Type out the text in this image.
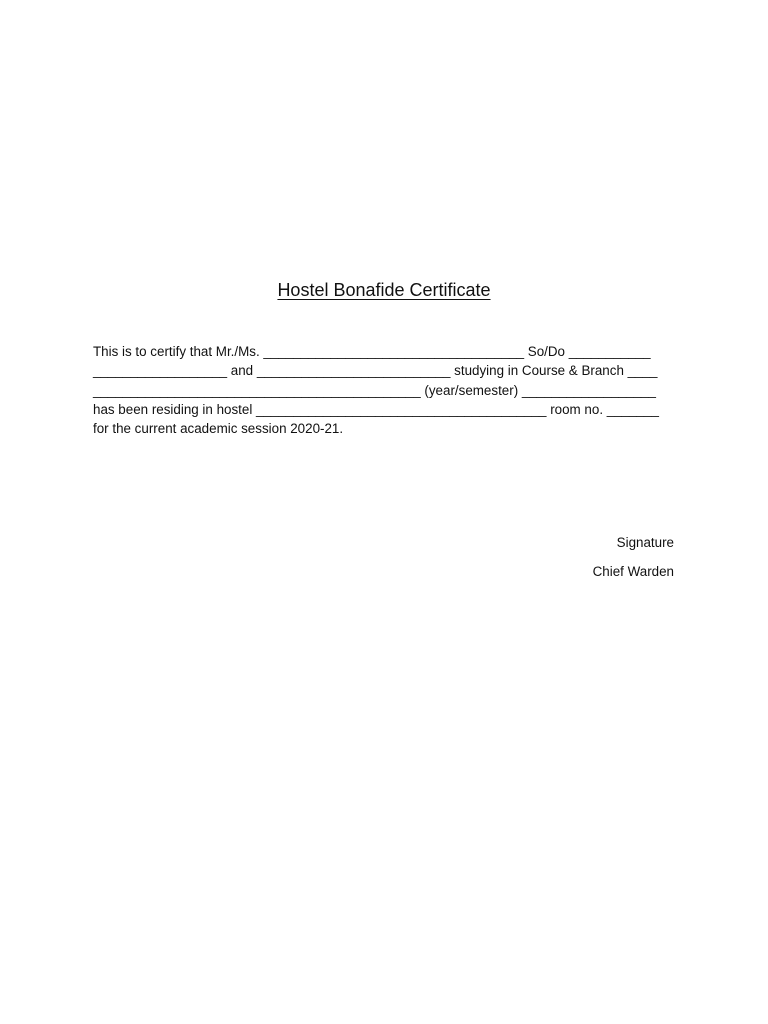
Hostel Bonafide Certificate
This is to certify that Mr./Ms. ___________________________________ So/Do ___________
__________________ and __________________________ studying in Course & Branch ____
____________________________________________ (year/semester) __________________
has been residing in hostel _______________________________________ room no. _______
for the current academic session 2020-21.
Signature
Chief Warden
